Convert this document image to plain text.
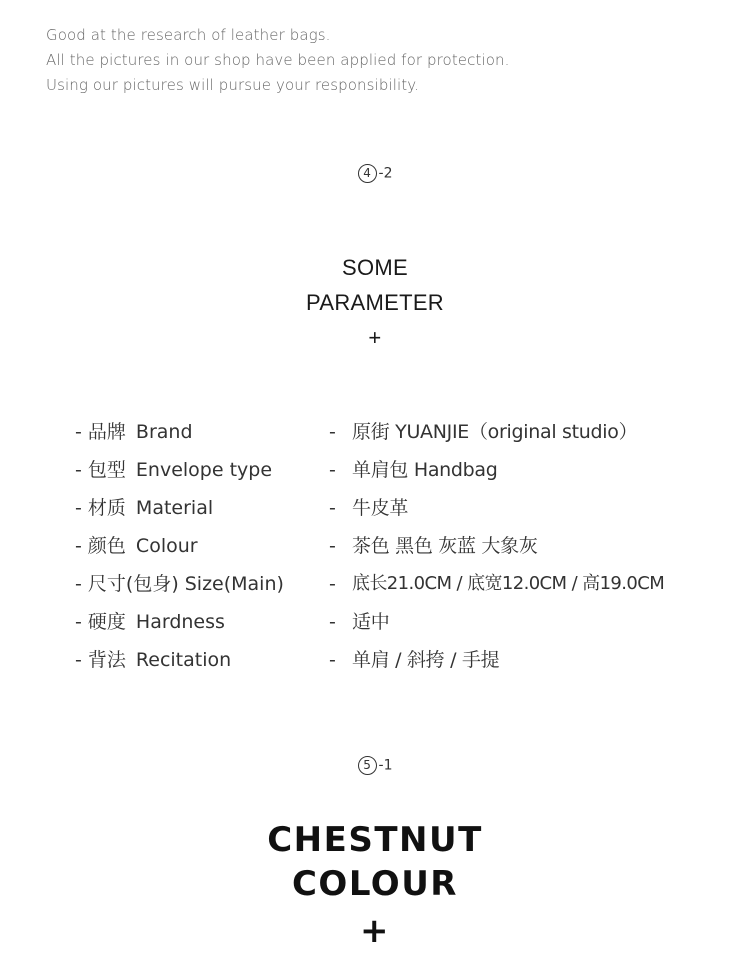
Good at the research of leather bags.

All the pictures in our shop have been applied for protection.

Using our pictures will pursue your responsibility.

4 -2
SOME
PARAMETER
+
- 品牌 Brand	- 原街 YUANJIE（original studio）
- 包型 Envelope type	- 单肩包 Handbag
- 材质 Material	- 牛皮革
- 颜色 Colour	- 茶色 黑色 灰蓝 大象灰
- 尺寸(包身) Size(Main) - 底长21.0CM / 底宽12.0CM / 高19.0CM
- 硬度 Hardness	- 适中
- 背法 Recitation	- 单肩 / 斜挎 / 手提
5 -1
CHESTNUT
COLOUR
+
